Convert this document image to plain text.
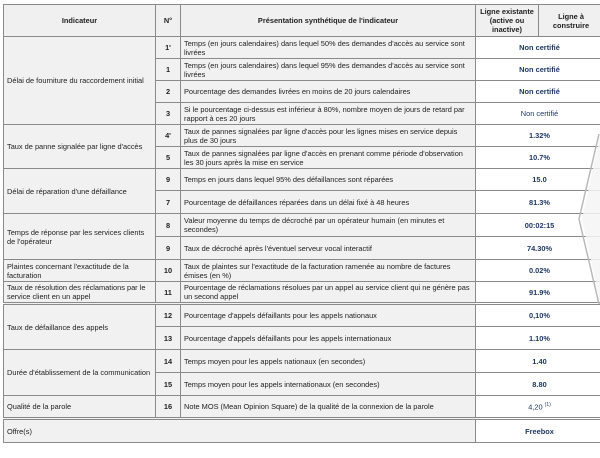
Indicateur	N°	Présentation synthétique de l'indicateur	Ligne existante (active ou inactive)	Ligne à construire
Délai de fourniture du raccordement initial	1'	Temps (en jours calendaires) dans lequel 50% des demandes d'accès au service sont livrées	Non certifié	
	1	Temps (en jours calendaires) dans lequel 95% des demandes d'accès au service sont livrées	Non certifié	
	2	Pourcentage des demandes livrées en moins de 20 jours calendaires	Non certifié	
	3	Si le pourcentage ci-dessus est inférieur à 80%, nombre moyen de jours de retard par rapport à ces 20 jours	Non certifié	
Taux de panne signalée par ligne d'accès	4'	Taux de pannes signalées par ligne d'accès pour les lignes mises en service depuis plus de 30 jours	1.32%	
	5	Taux de pannes signalées par ligne d'accès en prenant comme période d'observation les 30 jours après la mise en service	10.7%	
Délai de réparation d'une défaillance	9	Temps en jours dans lequel 95% des défaillances sont réparées	15.0	
	7	Pourcentage de défaillances réparées dans un délai fixé à 48 heures	81.3%	
Temps de réponse par les services clients de l'opérateur	8	Valeur moyenne du temps de décroché par un opérateur humain (en minutes et secondes)	00:02:15	
	9	Taux de décroché après l'éventuel serveur vocal interactif	74.30%	
Plaintes concernant l'exactitude de la facturation	10	Taux de plaintes sur l'exactitude de la facturation ramenée au nombre de factures émises (en %)	0.02%	
Taux de résolution des réclamations par le service client en un appel	11	Pourcentage de réclamations résolues par un appel au service client qui ne génère pas un second appel	91.9%	
Taux de défaillance des appels	12	Pourcentage d'appels défaillants pour les appels nationaux	0,10%	
	13	Pourcentage d'appels défaillants pour les appels internationaux	1.10%	
Durée d'établissement de la communication	14	Temps moyen pour les appels nationaux (en secondes)	1.40	
	15	Temps moyen pour les appels internationaux (en secondes)	8.80	
Qualité de la parole	16	Note MOS (Mean Opinion Square) de la qualité de la connexion de la parole	4,20 $^{(1)}$
Offre(s)			Freebox	
